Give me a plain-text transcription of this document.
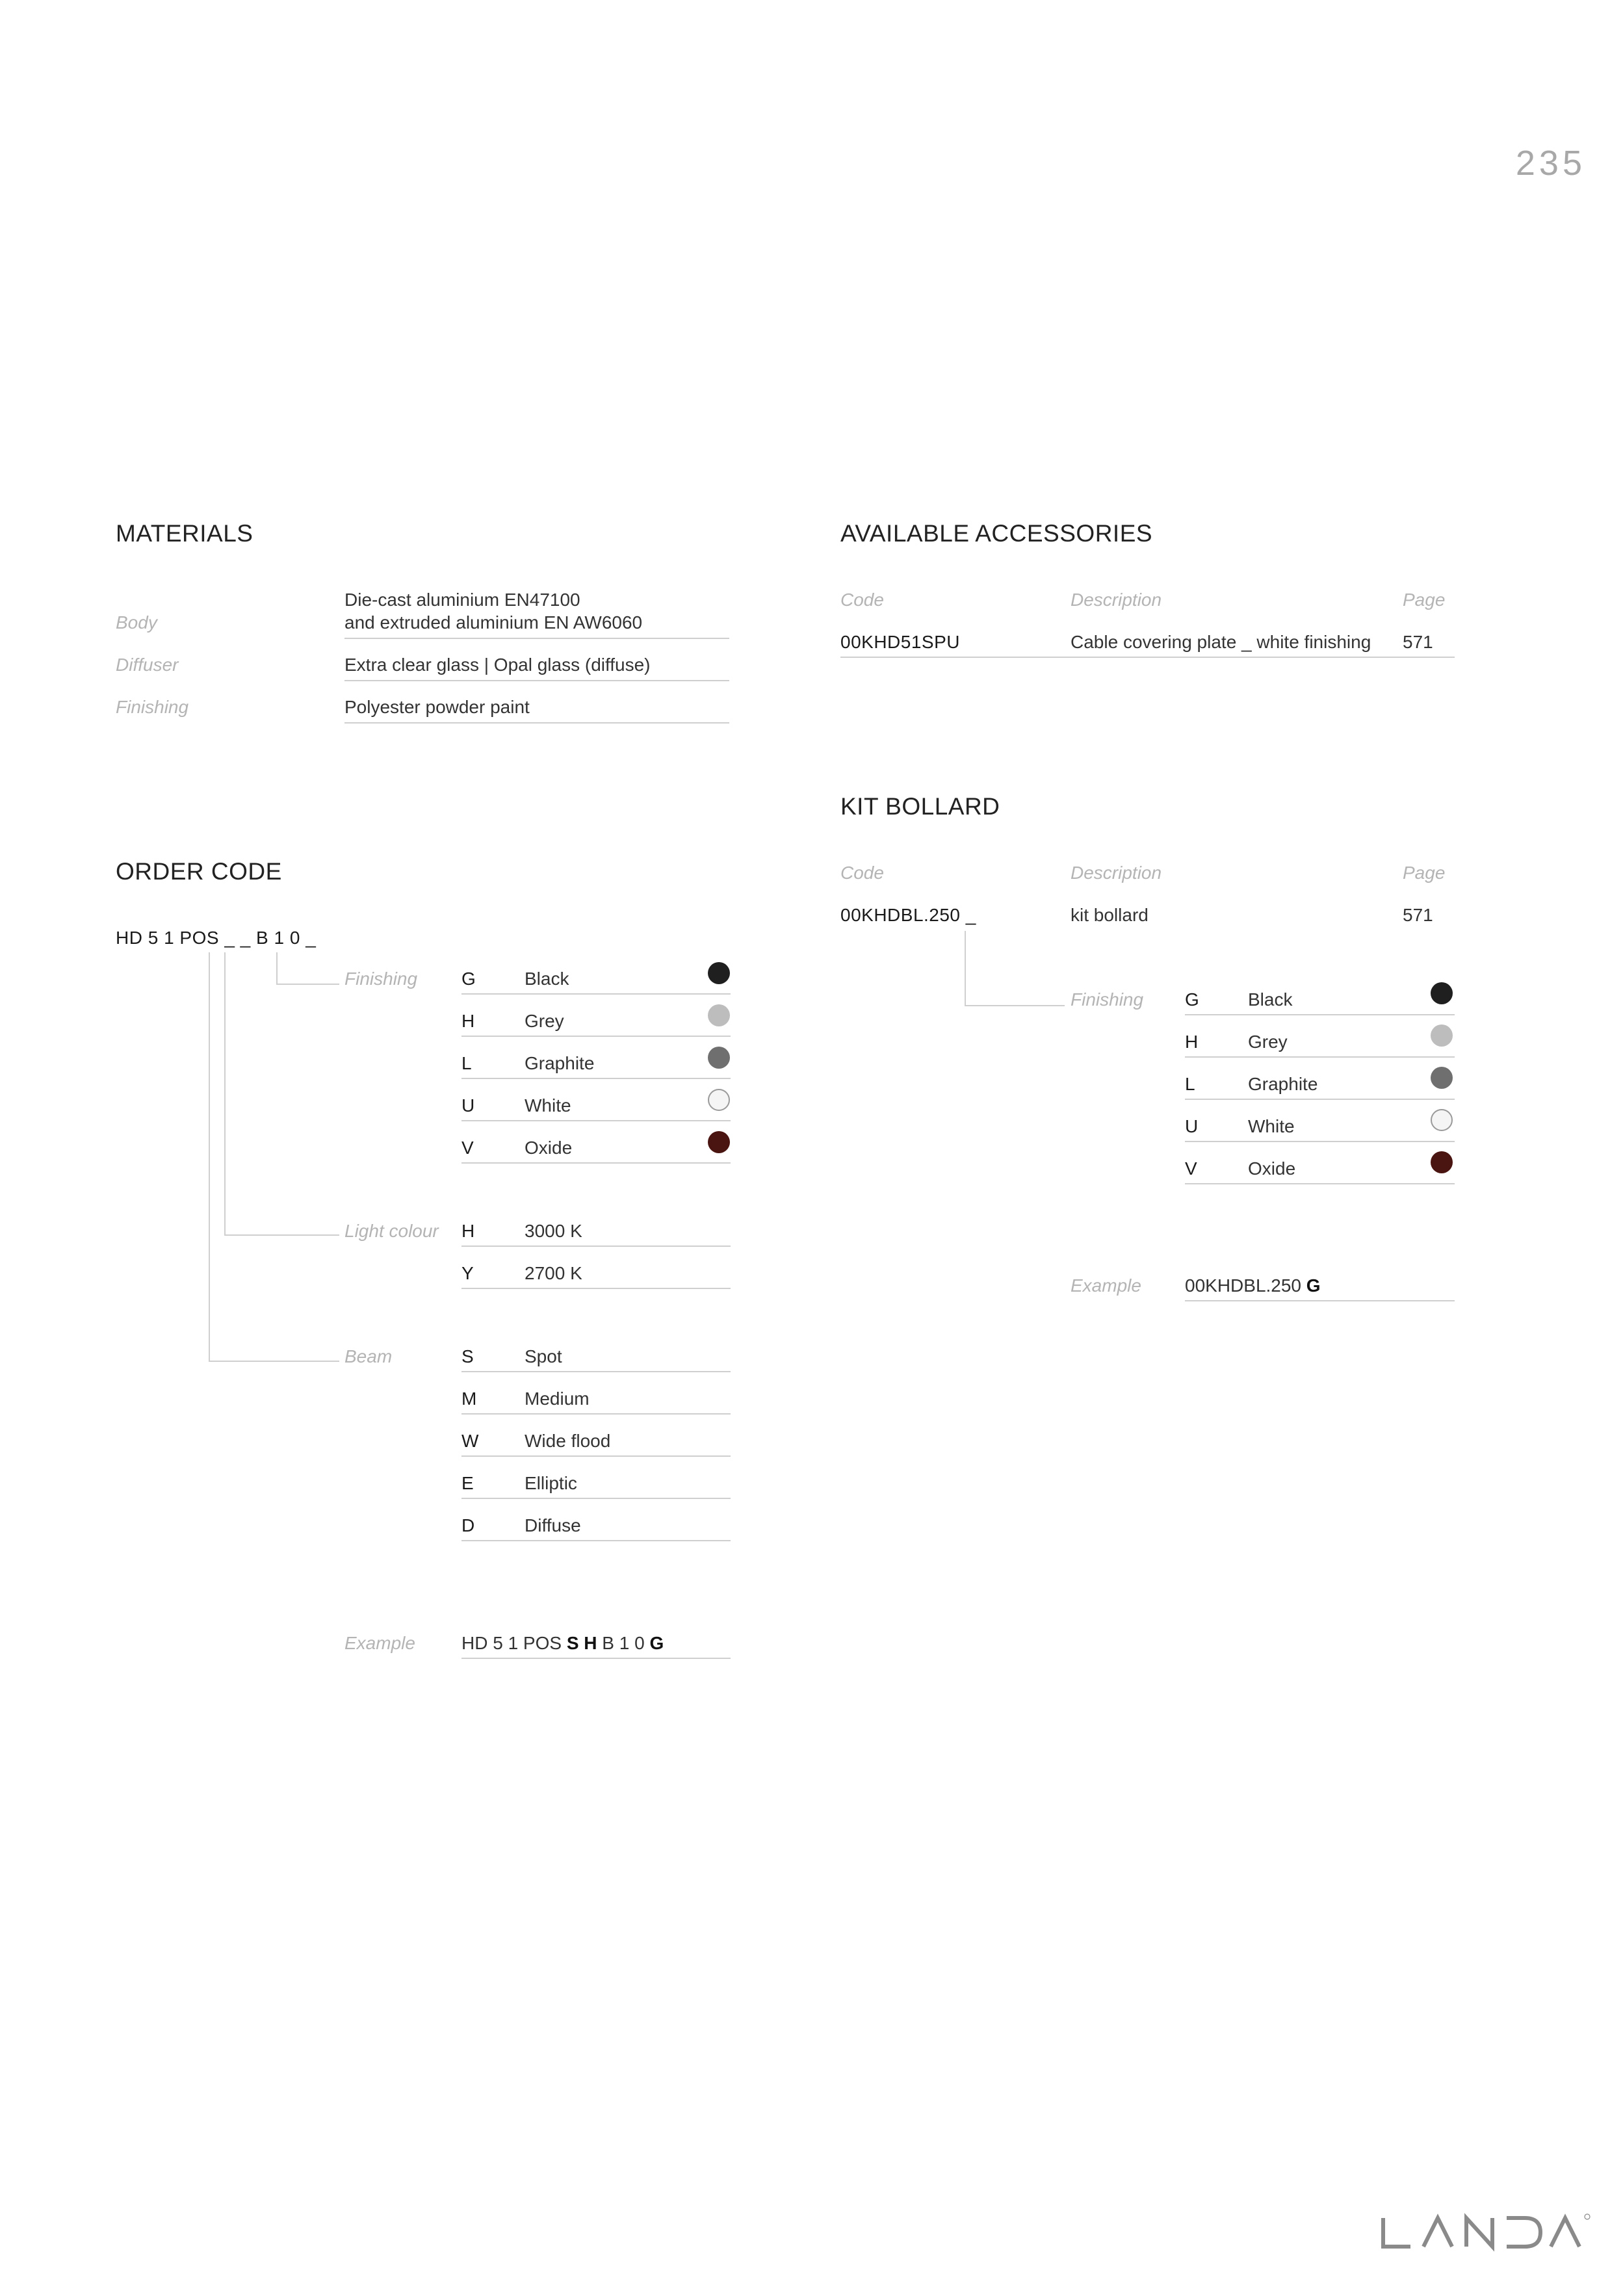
235
MATERIALS
Body
Die-cast aluminium EN47100
and extruded aluminium EN AW6060
Diffuser	Extra clear glass | Opal glass (diffuse)
Finishing	Polyester powder paint
AVAILABLE ACCESSORIES
Code	Description	Page
00KHD51SPU	Cable covering plate _ white finishing 571
KIT BOLLARD
Code	Description	Page
00KHDBL.250 _	kit bollard	571
Finishing G	Black
H	Grey
L	Graphite
U	White
V	Oxide
Example 00KHDBL.250 G
ORDER CODE
HD 5 1 POS _ _ B 1 0 _
Finishing G	Black
H	Grey
L	Graphite
U	White
V	Oxide
Light colour H	3000 K
Y	2700 K
Beam	S	Spot
M	Medium
W	Wide flood
E	Elliptic
D	Diffuse
Example	HD 5 1 POS S H B 1 0 G
